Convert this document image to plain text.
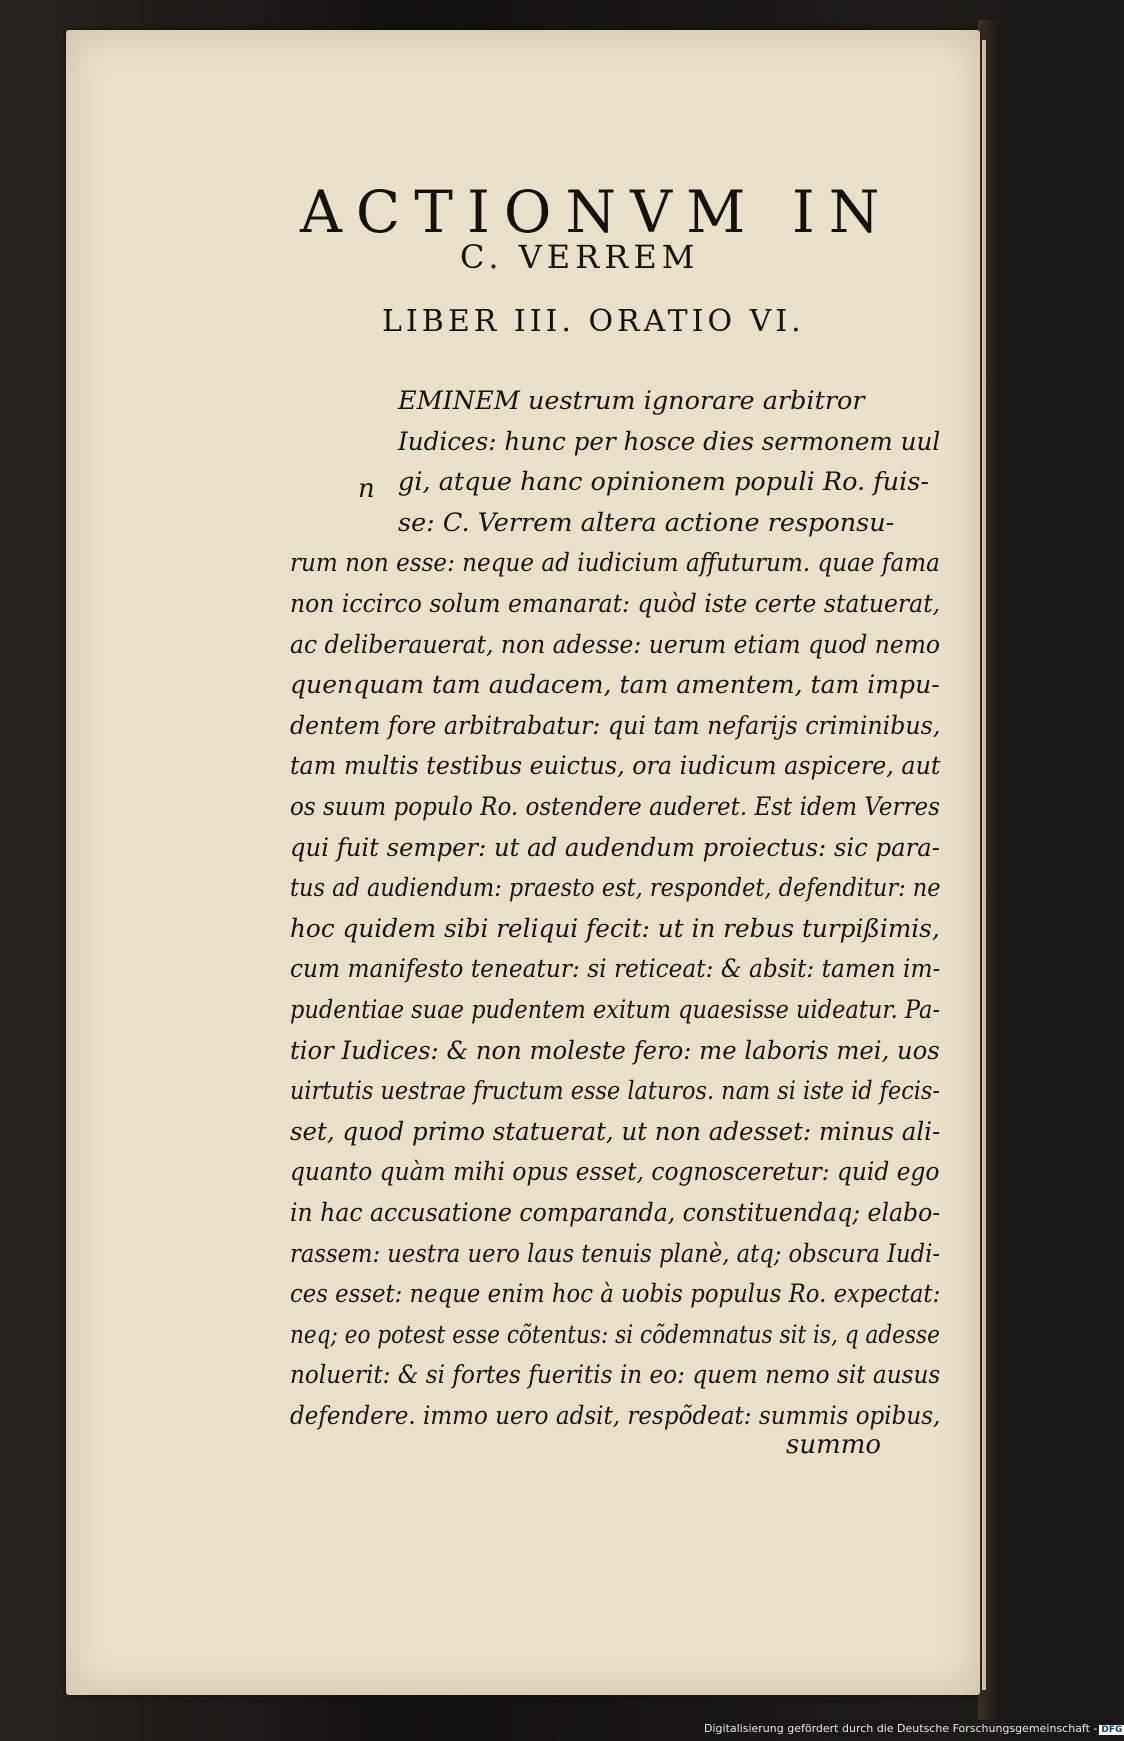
ACTIONVM IN
C. VERREM
LIBER III. ORATIO VI.
n
EMINEM uestrum ignorare arbitror
Iudices: hunc per hosce dies sermonem uul
gi, atque hanc opinionem populi Ro. fuis-
se: C. Verrem altera actione responsu-
rum non esse: neque ad iudicium affuturum. quae fama
non iccirco solum emanarat: quòd iste certe statuerat,
ac deliberauerat, non adesse: uerum etiam quod nemo
quenquam tam audacem, tam amentem, tam impu-
dentem fore arbitrabatur: qui tam nefarijs criminibus,
tam multis testibus euictus, ora iudicum aspicere, aut
os suum populo Ro. ostendere auderet. Est idem Verres
qui fuit semper: ut ad audendum proiectus: sic para-
tus ad audiendum: praesto est, respondet, defenditur: ne
hoc quidem sibi reliqui fecit: ut in rebus turpißimis,
cum manifesto teneatur: si reticeat: & absit: tamen im-
pudentiae suae pudentem exitum quaesisse uideatur. Pa-
tior Iudices: & non moleste fero: me laboris mei, uos
uirtutis uestrae fructum esse laturos. nam si iste id fecis-
set, quod primo statuerat, ut non adesset: minus ali-
quanto quàm mihi opus esset, cognosceretur: quid ego
in hac accusatione comparanda, constituendaq; elabo-
rassem: uestra uero laus tenuis planè, atq; obscura Iudi-
ces esset: neque enim hoc à uobis populus Ro. expectat:
neq; eo potest esse cõtentus: si cõdemnatus sit is, q adesse
noluerit: & si fortes fueritis in eo: quem nemo sit ausus
defendere. immo uero adsit, respõdeat: summis opibus,
summo
Digitalisierung gefördert durch die Deutsche Forschungsgemeinschaft - DFG
